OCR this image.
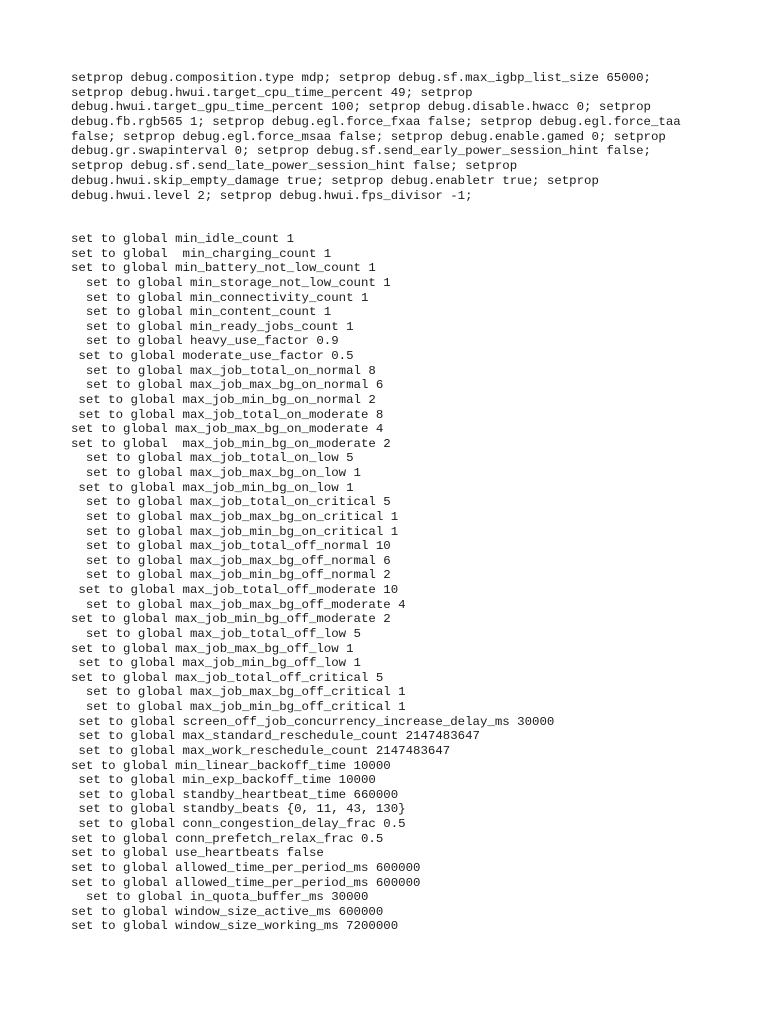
setprop debug.composition.type mdp; setprop debug.sf.max_igbp_list_size 65000;
setprop debug.hwui.target_cpu_time_percent 49; setprop
debug.hwui.target_gpu_time_percent 100; setprop debug.disable.hwacc 0; setprop
debug.fb.rgb565 1; setprop debug.egl.force_fxaa false; setprop debug.egl.force_taa
false; setprop debug.egl.force_msaa false; setprop debug.enable.gamed 0; setprop
debug.gr.swapinterval 0; setprop debug.sf.send_early_power_session_hint false;
setprop debug.sf.send_late_power_session_hint false; setprop
debug.hwui.skip_empty_damage true; setprop debug.enabletr true; setprop
debug.hwui.level 2; setprop debug.hwui.fps_divisor -1;
set to global min_idle_count 1
set to global  min_charging_count 1
set to global min_battery_not_low_count 1
set to global min_storage_not_low_count 1
set to global min_connectivity_count 1
set to global min_content_count 1
set to global min_ready_jobs_count 1
set to global heavy_use_factor 0.9
set to global moderate_use_factor 0.5
set to global max_job_total_on_normal 8
set to global max_job_max_bg_on_normal 6
set to global max_job_min_bg_on_normal 2
set to global max_job_total_on_moderate 8
set to global max_job_max_bg_on_moderate 4
set to global  max_job_min_bg_on_moderate 2
set to global max_job_total_on_low 5
set to global max_job_max_bg_on_low 1
set to global max_job_min_bg_on_low 1
set to global max_job_total_on_critical 5
set to global max_job_max_bg_on_critical 1
set to global max_job_min_bg_on_critical 1
set to global max_job_total_off_normal 10
set to global max_job_max_bg_off_normal 6
set to global max_job_min_bg_off_normal 2
set to global max_job_total_off_moderate 10
set to global max_job_max_bg_off_moderate 4
set to global max_job_min_bg_off_moderate 2
set to global max_job_total_off_low 5
set to global max_job_max_bg_off_low 1
set to global max_job_min_bg_off_low 1
set to global max_job_total_off_critical 5
set to global max_job_max_bg_off_critical 1
set to global max_job_min_bg_off_critical 1
set to global screen_off_job_concurrency_increase_delay_ms 30000
set to global max_standard_reschedule_count 2147483647
set to global max_work_reschedule_count 2147483647
set to global min_linear_backoff_time 10000
set to global min_exp_backoff_time 10000
set to global standby_heartbeat_time 660000
set to global standby_beats {0, 11, 43, 130}
set to global conn_congestion_delay_frac 0.5
set to global conn_prefetch_relax_frac 0.5
set to global use_heartbeats false
set to global allowed_time_per_period_ms 600000
set to global allowed_time_per_period_ms 600000
set to global in_quota_buffer_ms 30000
set to global window_size_active_ms 600000
set to global window_size_working_ms 7200000
